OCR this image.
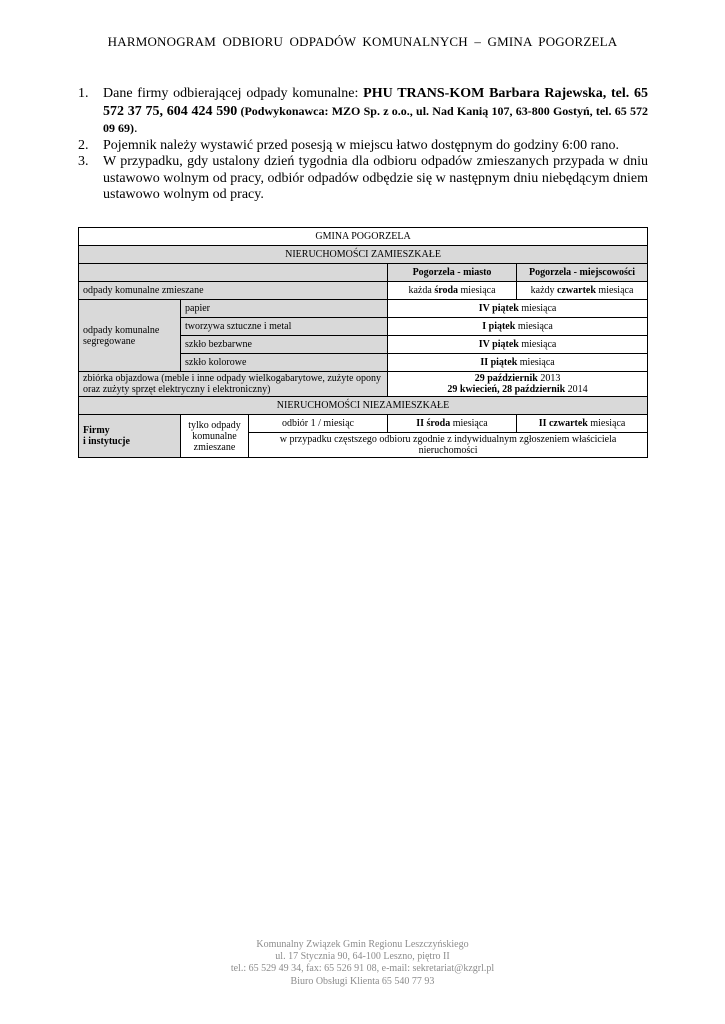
HARMONOGRAM ODBIORU ODPADÓW KOMUNALNYCH – GMINA POGORZELA
1.	Dane firmy odbierającej odpady komunalne: PHU TRANS-KOM Barbara Rajewska, tel. 65 572 37 75, 604 424 590 (Podwykonawca: MZO Sp. z o.o., ul. Nad Kanią 107, 63-800 Gostyń, tel. 65 572 09 69).
2.	Pojemnik należy wystawić przed posesją w miejscu łatwo dostępnym do godziny 6:00 rano.
3.	W przypadku, gdy ustalony dzień tygodnia dla odbioru odpadów zmieszanych przypada w dniu ustawowo wolnym od pracy, odbiór odpadów odbędzie się w następnym dniu niebędącym dniem ustawowo wolnym od pracy.
GMINA POGORZELA				
NIERUCHOMOŚCI ZAMIESZKAŁE				
			Pogorzela - miasto	Pogorzela - miejscowości
odpady komunalne zmieszane			każda środa miesiąca	każdy czwartek miesiąca
odpady komunalne segregowane	papier		IV piątek miesiąca	
	tworzywa sztuczne i metal		I piątek miesiąca	
	szkło bezbarwne		IV piątek miesiąca	
	szkło kolorowe		II piątek miesiąca	
zbiórka objazdowa (meble i inne odpady wielkogabarytowe, zużyte opony oraz zużyty sprzęt elektryczny i elektroniczny)			29 październik 2013
29 kwiecień, 28 październik 2014	
NIERUCHOMOŚCI NIEZAMIESZKAŁE				
Firmy
i instytucje	tylko odpady komunalne zmieszane	odbiór 1 / miesiąc	II środa miesiąca	II czwartek miesiąca
		w przypadku częstszego odbioru zgodnie z indywidualnym zgłoszeniem właściciela nieruchomości		
Komunalny Związek Gmin Regionu Leszczyńskiego
ul. 17 Stycznia 90, 64-100 Leszno, piętro II
tel.: 65 529 49 34, fax: 65 526 91 08, e-mail: sekretariat@kzgrl.pl
Biuro Obsługi Klienta 65 540 77 93
